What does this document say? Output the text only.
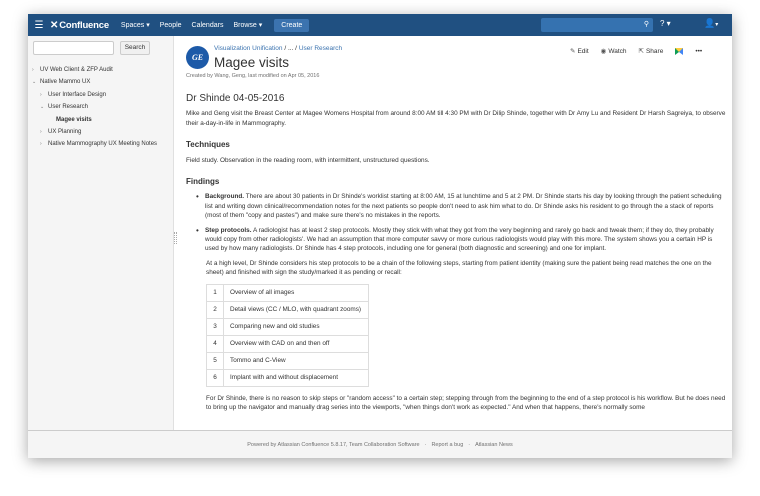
☰ ✕Confluence Spaces ▾ People Calendars Browse ▾	Create	⚲ ? ▾	👤▾
Search
› UV Web Client & ZFP Audit
⌄ Native Mammo UX
› User Interface Design
⌄ User Research
Magee visits
› UX Planning
› Native Mammography UX Meeting Notes
GE
Visualization Unification / ... / User Research
Magee visits
Created by Wang, Geng, last modified on Apr 05, 2016
✎ Edit ◉ Watch ⇱ Share	•••
Dr Shinde 04-05-2016
Mike and Geng visit the Breast Center at Magee Womens Hospital from around 8:00 AM till 4:30 PM with Dr Dilip Shinde, together with Dr Amy Lu and Resident Dr Harsh Sagreiya, to observe their a-day-in-life in Mammography.
Techniques
Field study. Observation in the reading room, with intermittent, unstructured questions.
Findings
• Background. There are about 30 patients in Dr Shinde's worklist starting at 8:00 AM, 15 at lunchtime and 5 at 2 PM. Dr Shinde starts his day by looking through the patient scheduling list and writing down clinical/recommendation notes for the next patients so people don't need to ask him what to do. Dr Shinde asks his resident to go through the a stack of reports (most of them "copy and pastes") and make sure there's no mistakes in the reports.
• Step protocols. A radiologist has at least 2 step protocols. Mostly they stick with what they got from the very beginning and rarely go back and tweak them; if they do, they probably would copy from other radiologists'. We had an assumption that more computer savvy or more curious radiologists would play with this more. The system shows you a certain HP is used by how many radiologists. Dr Shinde has 4 step protocols, including one for general (both diagnostic and screening) and one for implant.
At a high level, Dr Shinde considers his step protocols to be a chain of the following steps, starting from patient identity (making sure the patient being read matches the one on the sheet) and finished with sign the study/marked it as pending or recall:
1	Overview of all images
2	Detail views (CC / MLO, with quadrant zooms)
3	Comparing new and old studies
4	Overview with CAD on and then off
5	Tommo and C-View
6	Implant with and without displacement
For Dr Shinde, there is no reason to skip steps or "random access" to a certain step; stepping through from the beginning to the end of a step protocol is his workflow. But he does need to bring up the navigator and manually drag series into the viewports, "when things don't work as expected." And when that happens, there's normally some
Powered by Atlassian Confluence 5.8.17, Team Collaboration Software · Report a bug · Atlassian News
